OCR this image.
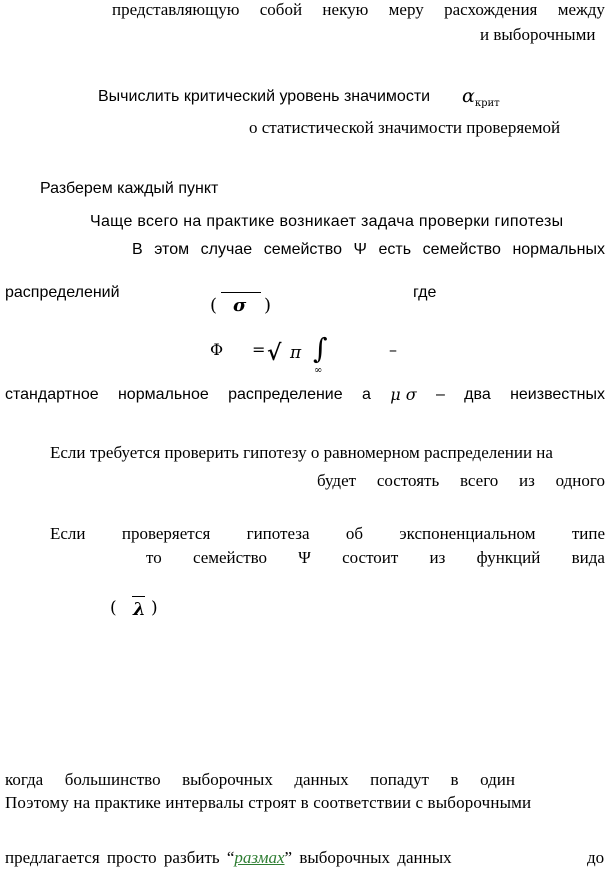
представляющую собой некую меру расхождения между
и выборочными
Вычислить критический уровень значимости $\alpha_{крит}$
о статистической значимости проверяемой
Разберем каждый пункт
Чаще всего на практике возникает задача проверки гипотезы
В этом случае семейство Ψ есть семейство нормальных
распределений	где
( σ )
Φ = √ π ∫
∞
–
стандартное нормальное распределение а μ σ – два неизвестных
Если требуется проверить гипотезу о равномерном распределении на
будет состоять всего из одного
Если проверяется гипотеза об экспоненциальном типе
то семейство Ψ состоит из функций вида
( λ )
когда большинство выборочных данных попадут в один
Поэтому на практике интервалы строят в соответствии с выборочными
предлагается просто разбить “размах” выборочных данных	до
